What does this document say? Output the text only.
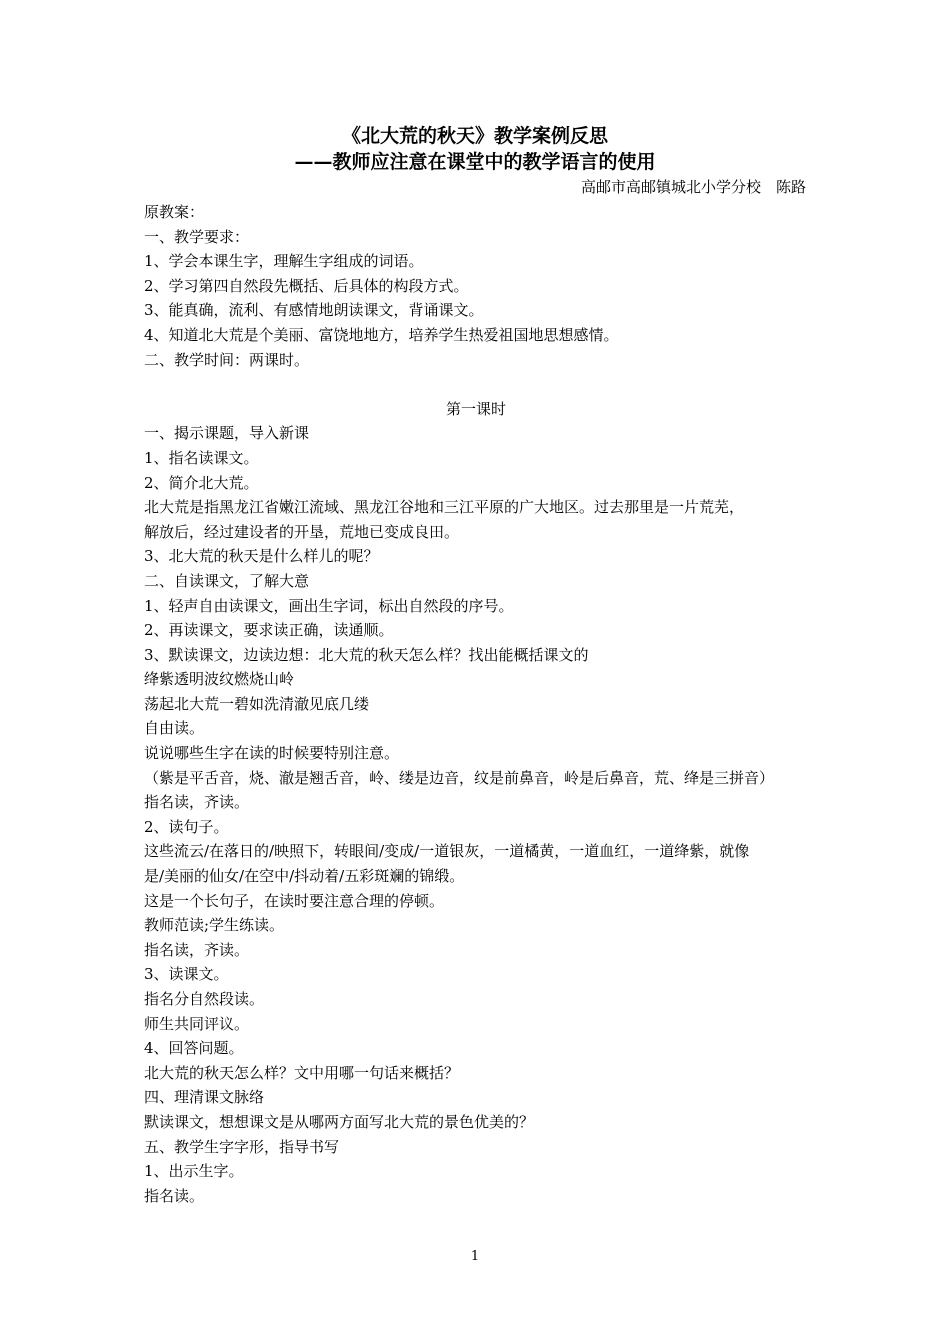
《北大荒的秋天》教学案例反思
——教师应注意在课堂中的教学语言的使用
高邮市高邮镇城北小学分校　陈路
原教案：
一、教学要求：
1、学会本课生字，理解生字组成的词语。
2、学习第四自然段先概括、后具体的构段方式。
3、能真确，流利、有感情地朗读课文，背诵课文。
4、知道北大荒是个美丽、富饶地地方，培养学生热爱祖国地思想感情。
二、教学时间：两课时。
第一课时
一、揭示课题，导入新课
1、指名读课文。
2、简介北大荒。
北大荒是指黑龙江省嫩江流域、黑龙江谷地和三江平原的广大地区。过去那里是一片荒芜，
解放后，经过建设者的开垦，荒地已变成良田。
3、北大荒的秋天是什么样儿的呢？
二、自读课文，了解大意
1、轻声自由读课文，画出生字词，标出自然段的序号。
2、再读课文，要求读正确，读通顺。
3、默读课文，边读边想：北大荒的秋天怎么样？找出能概括课文的
绛紫透明波纹燃烧山岭
荡起北大荒一碧如洗清澈见底几缕
自由读。
说说哪些生字在读的时候要特别注意。
（紫是平舌音，烧、澈是翘舌音，岭、缕是边音，纹是前鼻音，岭是后鼻音，荒、绛是三拼音）
指名读，齐读。
2、读句子。
这些流云/在落日的/映照下，转眼间/变成/一道银灰，一道橘黄，一道血红，一道绛紫，就像
是/美丽的仙女/在空中/抖动着/五彩斑斓的锦缎。
这是一个长句子，在读时要注意合理的停顿。
教师范读;学生练读。
指名读，齐读。
3、读课文。
指名分自然段读。
师生共同评议。
4、回答问题。
北大荒的秋天怎么样？文中用哪一句话来概括？
四、理清课文脉络
默读课文，想想课文是从哪两方面写北大荒的景色优美的？
五、教学生字字形，指导书写
1、出示生字。
指名读。
1
